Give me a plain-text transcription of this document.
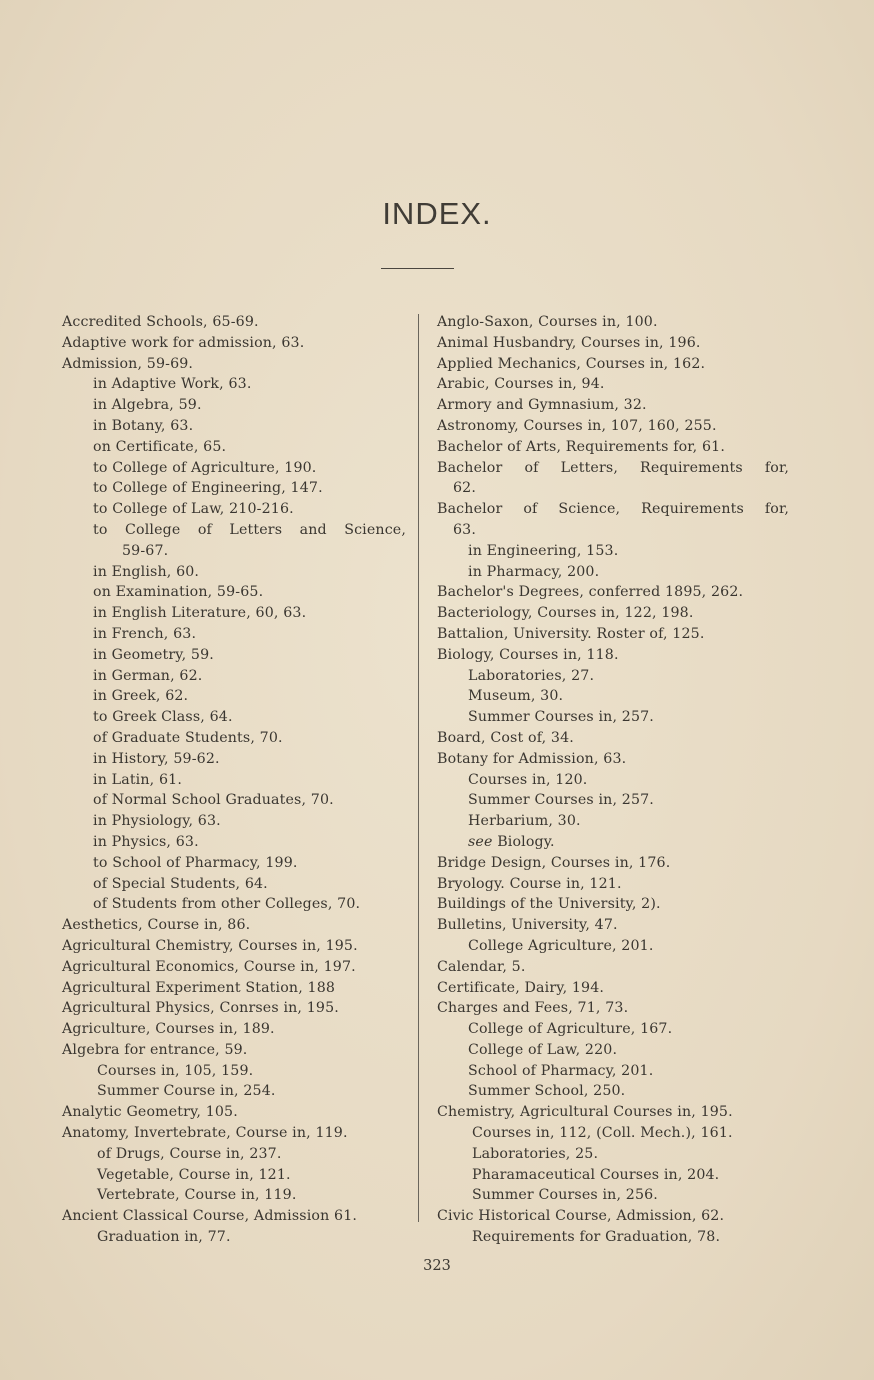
INDEX.

Accredited Schools, 65-69.

Adaptive work for admission, 63.

Admission, 59-69.

in Adaptive Work, 63.

in Algebra, 59.

in Botany, 63.

on Certificate, 65.

to College of Agriculture, 190.

to College of Engineering, 147.

to College of Law, 210-216.

to College of Letters and Science,

59-67.

in English, 60.

on Examination, 59-65.

in English Literature, 60, 63.

in French, 63.

in Geometry, 59.

in German, 62.

in Greek, 62.

to Greek Class, 64.

of Graduate Students, 70.

in History, 59-62.

in Latin, 61.

of Normal School Graduates, 70.

in Physiology, 63.

in Physics, 63.

to School of Pharmacy, 199.

of Special Students, 64.

of Students from other Colleges, 70.

Aesthetics, Course in, 86.

Agricultural Chemistry, Courses in, 195.

Agricultural Economics, Course in, 197.

Agricultural Experiment Station, 188

Agricultural Physics, Conrses in, 195.

Agriculture, Courses in, 189.

Algebra for entrance, 59.

Courses in, 105, 159.

Summer Course in, 254.

Analytic Geometry, 105.

Anatomy, Invertebrate, Course in, 119.

of Drugs, Course in, 237.

Vegetable, Course in, 121.

Vertebrate, Course in, 119.

Ancient Classical Course, Admission 61.

Graduation in, 77.

Anglo-Saxon, Courses in, 100.

Animal Husbandry, Courses in, 196.

Applied Mechanics, Courses in, 162.

Arabic, Courses in, 94.

Armory and Gymnasium, 32.

Astronomy, Courses in, 107, 160, 255.

Bachelor of Arts, Requirements for, 61.

Bachelor of Letters, Requirements for,

62.

Bachelor of Science, Requirements for,

63.

in Engineering, 153.

in Pharmacy, 200.

Bachelor's Degrees, conferred 1895, 262.

Bacteriology, Courses in, 122, 198.

Battalion, University. Roster of, 125.

Biology, Courses in, 118.

Laboratories, 27.

Museum, 30.

Summer Courses in, 257.

Board, Cost of, 34.

Botany for Admission, 63.

Courses in, 120.

Summer Courses in, 257.

Herbarium, 30.

see Biology.

Bridge Design, Courses in, 176.

Bryology. Course in, 121.

Buildings of the University, 2).

Bulletins, University, 47.

College Agriculture, 201.

Calendar, 5.

Certificate, Dairy, 194.

Charges and Fees, 71, 73.

College of Agriculture, 167.

College of Law, 220.

School of Pharmacy, 201.

Summer School, 250.

Chemistry, Agricultural Courses in, 195.

Courses in, 112, (Coll. Mech.), 161.

Laboratories, 25.

Pharamaceutical Courses in, 204.

Summer Courses in, 256.

Civic Historical Course, Admission, 62.

Requirements for Graduation, 78.

323
